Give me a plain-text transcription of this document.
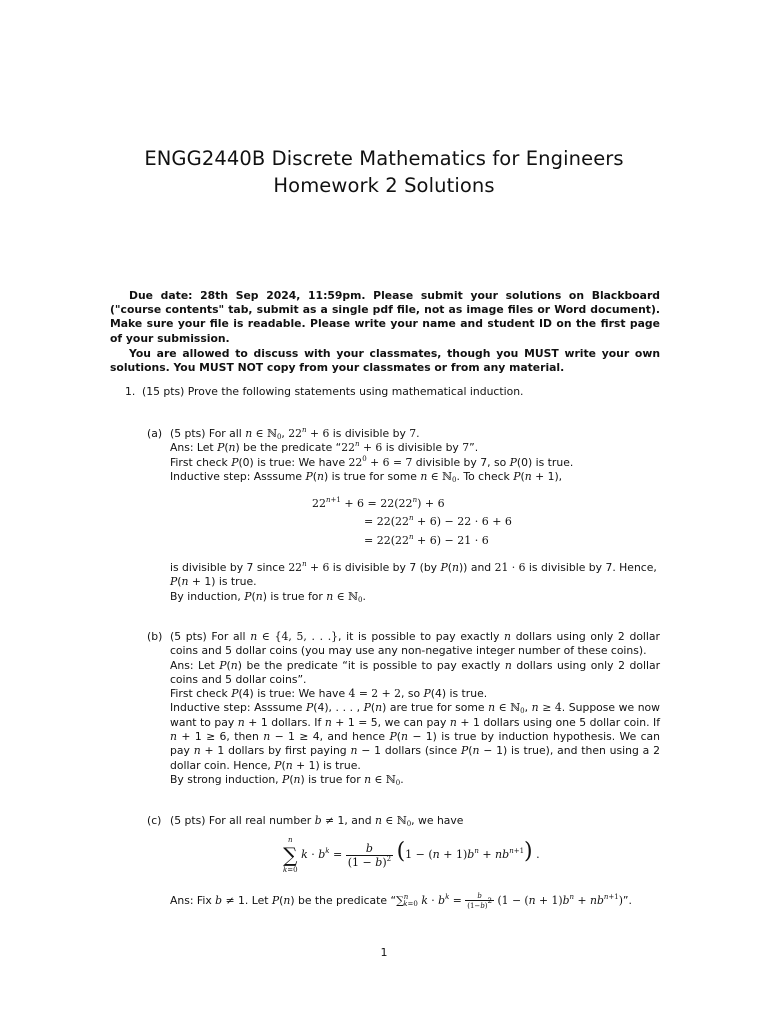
ENGG2440B Discrete Mathematics for Engineers
Homework 2 Solutions

Due date: 28th Sep 2024, 11:59pm. Please submit your solutions on Blackboard ("course contents" tab, submit as a single pdf file, not as image files or Word document). Make sure your file is readable. Please write your name and student ID on the first page of your submission.

You are allowed to discuss with your classmates, though you MUST write your own solutions. You MUST NOT copy from your classmates or from any material.

1. (15 pts) Prove the following statements using mathematical induction.
(a) (5 pts) For all n ∈ ℕ$_0$, $22^n + 6$ is divisible by 7.
Ans: Let P(n) be the predicate “$22^n + 6$ is divisible by 7”.
First check P(0) is true: We have $22^0 + 6 = 7$ divisible by 7, so P(0) is true.
Inductive step: Asssume P(n) is true for some n ∈ ℕ$_0$. To check P(n + 1),
$22^{n+1} + 6 = 22(22^n) + 6$
= $22(22^n + 6) - 22 \cdot 6 + 6$
= $22(22^n + 6) - 21 \cdot 6$
is divisible by 7 since $22^n + 6$ is divisible by 7 (by P(n)) and 21 · 6 is divisible by 7. Hence,
P(n + 1) is true.
By induction, P(n) is true for n ∈ ℕ$_0$.
(b) (5 pts) For all n ∈ {4, 5, . . .}, it is possible to pay exactly n dollars using only 2 dollar coins and 5 dollar coins (you may use any non-negative integer number of these coins).
Ans: Let P(n) be the predicate “it is possible to pay exactly n dollars using only 2 dollar coins and 5 dollar coins”.
First check P(4) is true: We have 4 = 2 + 2, so P(4) is true.
Inductive step: Asssume P(4), . . . , P(n) are true for some n ∈ ℕ$_0$, n ≥ 4. Suppose we now want to pay n + 1 dollars. If n + 1 = 5, we can pay n + 1 dollars using one 5 dollar coin. If n + 1 ≥ 6, then n − 1 ≥ 4, and hence P(n − 1) is true by induction hypothesis. We can pay n + 1 dollars by first paying n − 1 dollars (since P(n − 1) is true), and then using a 2 dollar coin. Hence, P(n + 1) is true.
By strong induction, P(n) is true for n ∈ ℕ$_0$.
(c) (5 pts) For all real number b ≠ 1, and n ∈ ℕ$_0$, we have
n
∑
k=0
$k \cdot b^k = \frac{b}{(1 - b)^2} (1 - (n + 1)b^n + nb^{n+1})$ .
Ans: Fix b ≠ 1. Let P(n) be the predicate “∑$^n_{k=0}$ $k \cdot b^k = \frac{b}{(1-b)^2} (1 - (n + 1)b^n + nb^{n+1})$”.
1
